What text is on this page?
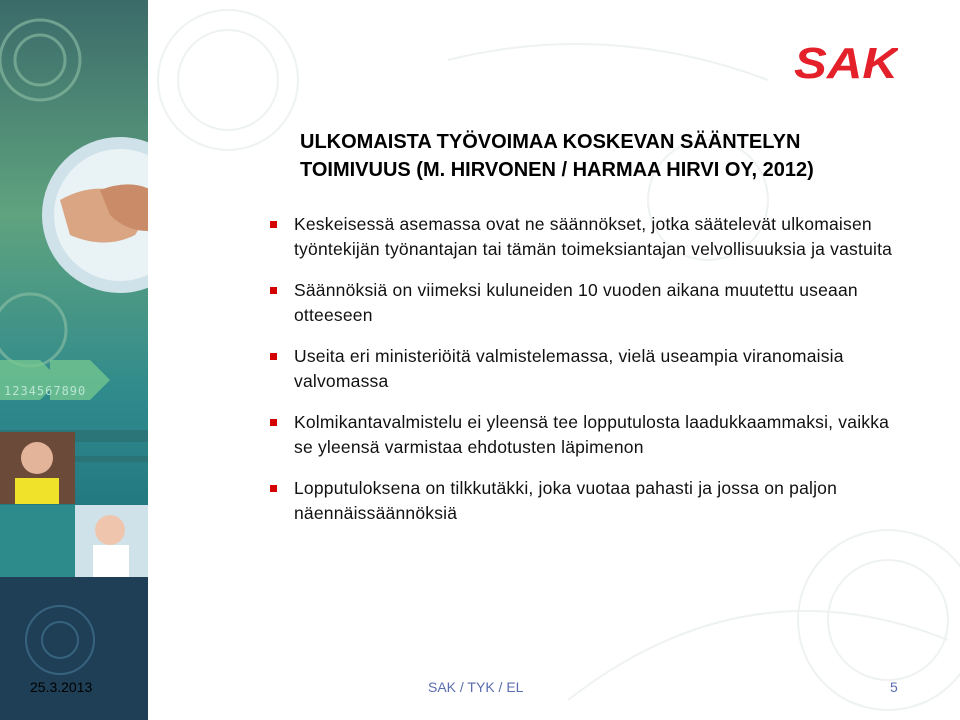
1234567890
SAK
ULKOMAISTA TYÖVOIMAA KOSKEVAN SÄÄNTELYN
TOIMIVUUS (M. HIRVONEN / HARMAA HIRVI OY, 2012)
Keskeisessä asemassa ovat ne säännökset, jotka säätelevät ulkomaisen työntekijän työnantajan tai tämän toimeksiantajan velvollisuuksia ja vastuita
Säännöksiä on viimeksi kuluneiden 10 vuoden aikana muutettu useaan otteeseen
Useita eri ministeriöitä valmistelemassa, vielä useampia viranomaisia valvomassa
Kolmikantavalmistelu ei yleensä tee lopputulosta laadukkaammaksi, vaikka se yleensä varmistaa ehdotusten läpimenon
Lopputuloksena on tilkkutäkki, joka vuotaa pahasti ja jossa on paljon näennäissäännöksiä
25.3.2013	SAK / TYK / EL	5
